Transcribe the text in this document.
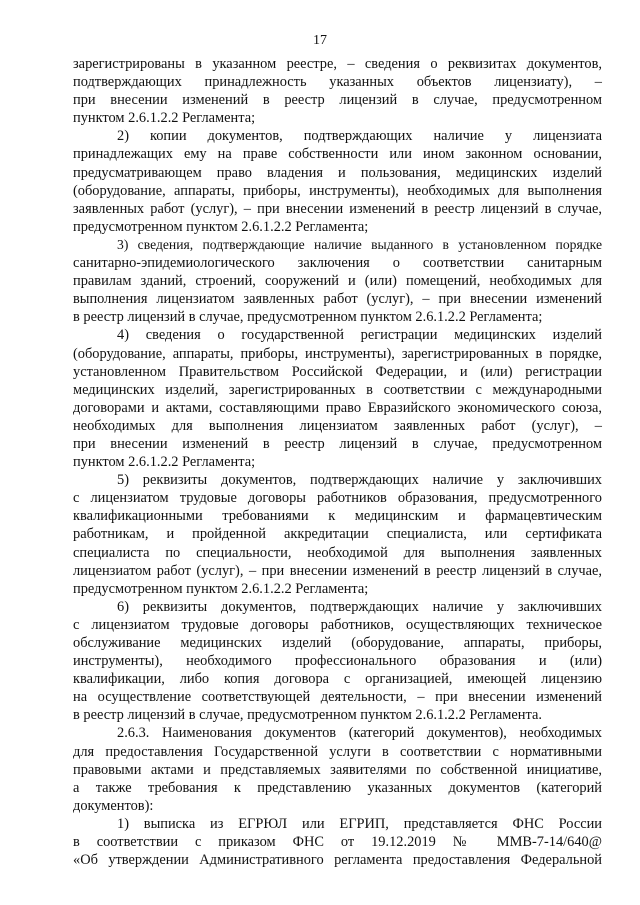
17
зарегистрированы в указанном реестре, – сведения о реквизитах документов,
подтверждающих принадлежность указанных объектов лицензиату), –
при внесении изменений в реестр лицензий в случае, предусмотренном
пунктом 2.6.1.2.2 Регламента;
2) копии документов, подтверждающих наличие у лицензиата
принадлежащих ему на праве собственности или ином законном основании,
предусматривающем право владения и пользования, медицинских изделий
(оборудование, аппараты, приборы, инструменты), необходимых для выполнения
заявленных работ (услуг), – при внесении изменений в реестр лицензий в случае,
предусмотренном пунктом 2.6.1.2.2 Регламента;
3) сведения, подтверждающие наличие выданного в установленном порядке
санитарно-эпидемиологического заключения о соответствии санитарным
правилам зданий, строений, сооружений и (или) помещений, необходимых для
выполнения лицензиатом заявленных работ (услуг), – при внесении изменений
в реестр лицензий в случае, предусмотренном пунктом 2.6.1.2.2 Регламента;
4) сведения о государственной регистрации медицинских изделий
(оборудование, аппараты, приборы, инструменты), зарегистрированных в порядке,
установленном Правительством Российской Федерации, и (или) регистрации
медицинских изделий, зарегистрированных в соответствии с международными
договорами и актами, составляющими право Евразийского экономического союза,
необходимых для выполнения лицензиатом заявленных работ (услуг), –
при внесении изменений в реестр лицензий в случае, предусмотренном
пунктом 2.6.1.2.2 Регламента;
5) реквизиты документов, подтверждающих наличие у заключивших
с лицензиатом трудовые договоры работников образования, предусмотренного
квалификационными требованиями к медицинским и фармацевтическим
работникам, и пройденной аккредитации специалиста, или сертификата
специалиста по специальности, необходимой для выполнения заявленных
лицензиатом работ (услуг), – при внесении изменений в реестр лицензий в случае,
предусмотренном пунктом 2.6.1.2.2 Регламента;
6) реквизиты документов, подтверждающих наличие у заключивших
с лицензиатом трудовые договоры работников, осуществляющих техническое
обслуживание медицинских изделий (оборудование, аппараты, приборы,
инструменты), необходимого профессионального образования и (или)
квалификации, либо копия договора с организацией, имеющей лицензию
на осуществление соответствующей деятельности, – при внесении изменений
в реестр лицензий в случае, предусмотренном пунктом 2.6.1.2.2 Регламента.
2.6.3. Наименования документов (категорий документов), необходимых
для предоставления Государственной услуги в соответствии с нормативными
правовыми актами и представляемых заявителями по собственной инициативе,
а также требования к представлению указанных документов (категорий
документов):
1) выписка из ЕГРЮЛ или ЕГРИП, представляется ФНС России
в соответствии с приказом ФНС от 19.12.2019 № ММВ-7-14/640@
«Об утверждении Административного регламента предоставления Федеральной
